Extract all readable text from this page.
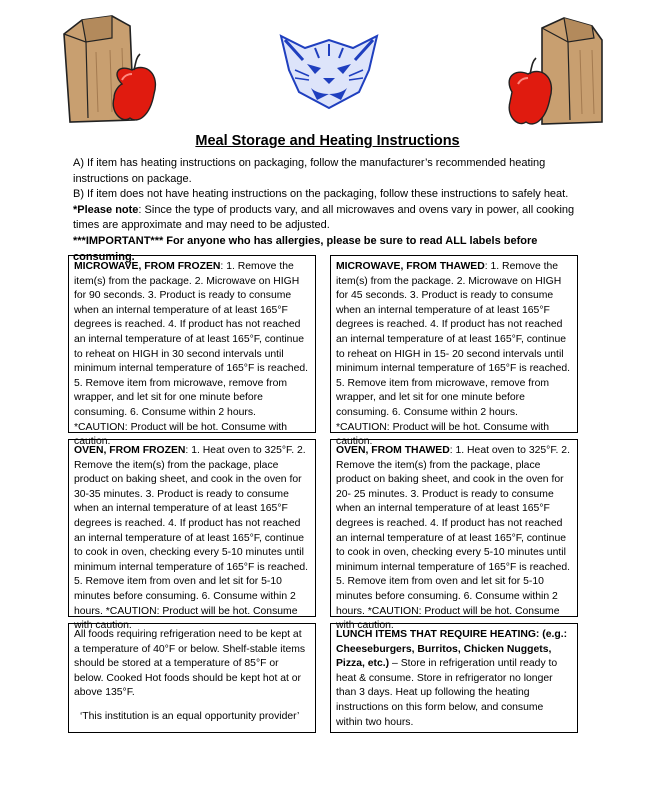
Meal Storage and Heating Instructions

A) If item has heating instructions on packaging, follow the manufacturer’s recommended heating instructions on package.

B) If item does not have heating instructions on the packaging, follow these instructions to safely heat.

*Please note: Since the type of products vary, and all microwaves and ovens vary in power, all cooking times are approximate and may need to be adjusted.

***IMPORTANT*** For anyone who has allergies, please be sure to read ALL labels before consuming.

MICROWAVE, FROM FROZEN: 1. Remove the item(s) from the package. 2. Microwave on HIGH for 90 seconds. 3. Product is ready to consume when an internal temperature of at least 165°F degrees is reached. 4. If product has not reached an internal temperature of at least 165°F, continue to reheat on HIGH in 30 second intervals until minimum internal temperature of 165°F is reached. 5. Remove item from microwave, remove from wrapper, and let sit for one minute before consuming. 6. Consume within 2 hours. *CAUTION: Product will be hot. Consume with caution.
MICROWAVE, FROM THAWED: 1. Remove the item(s) from the package. 2. Microwave on HIGH for 45 seconds. 3. Product is ready to consume when an internal temperature of at least 165°F degrees is reached. 4. If product has not reached an internal temperature of at least 165°F, continue to reheat on HIGH in 15- 20 second intervals until minimum internal temperature of 165°F is reached. 5. Remove item from microwave, remove from wrapper, and let sit for one minute before consuming. 6. Consume within 2 hours. *CAUTION: Product will be hot. Consume with caution.
OVEN, FROM FROZEN: 1. Heat oven to 325°F. 2. Remove the item(s) from the package, place product on baking sheet, and cook in the oven for 30-35 minutes. 3. Product is ready to consume when an internal temperature of at least 165°F degrees is reached. 4. If product has not reached an internal temperature of at least 165°F, continue to cook in oven, checking every 5-10 minutes until minimum internal temperature of 165°F is reached. 5. Remove item from oven and let sit for 5-10 minutes before consuming. 6. Consume within 2 hours. *CAUTION: Product will be hot. Consume with caution.
OVEN, FROM THAWED: 1. Heat oven to 325°F. 2. Remove the item(s) from the package, place product on baking sheet, and cook in the oven for 20- 25 minutes. 3. Product is ready to consume when an internal temperature of at least 165°F degrees is reached. 4. If product has not reached an internal temperature of at least 165°F, continue to cook in oven, checking every 5-10 minutes until minimum internal temperature of 165°F is reached. 5. Remove item from oven and let sit for 5-10 minutes before consuming. 6. Consume within 2 hours. *CAUTION: Product will be hot. Consume with caution.
All foods requiring refrigeration need to be kept at a temperature of 40°F or below. Shelf-stable items should be stored at a temperature of 85°F or below. Cooked Hot foods should be kept hot at or above 135°F.
‘This institution is an equal opportunity provider’
LUNCH ITEMS THAT REQUIRE HEATING: (e.g.: Cheeseburgers, Burritos, Chicken Nuggets, Pizza, etc.) – Store in refrigeration until ready to heat & consume. Store in refrigerator no longer than 3 days. Heat up following the heating instructions on this form below, and consume within two hours.
